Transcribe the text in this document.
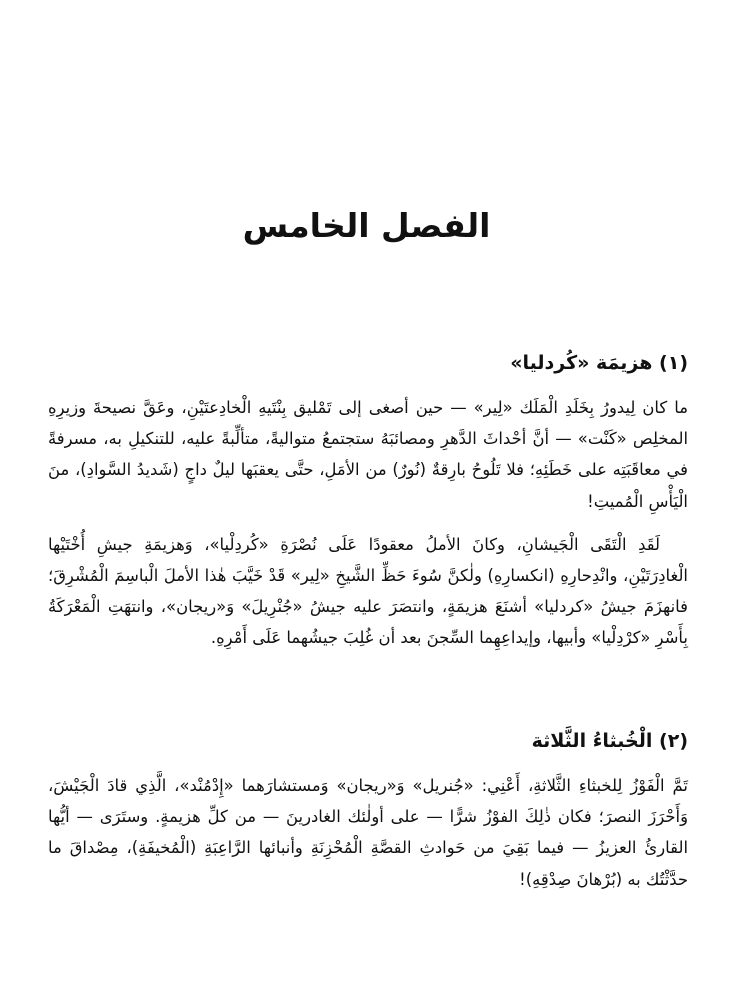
الفصل الخامس
(١) هزيمَة «كُردليا»

ما كان لِيدورُ بِخَلَدِ الْمَلَك «لِير» — حين أصغى إلى تَمْليق بِنْتَيهِ الْخادِعتَيْنِ، وعَقَّ نصيحةَ وزيرِهِ المخلِص «كَنْت» — أنَّ أحْداثَ الدَّهرِ ومصائبَهُ ستجتمعُ متواليةً، متألِّبةً عليه، للتنكيلِ به، مسرفةً في معاقَبَتِه على خَطَئِهِ؛ فلا تَلُوحُ بارِقةٌ (نُورٌ) من الأمَلِ، حتَّى يعقبَها ليلٌ داجٍ (شَديدُ السَّوادِ)، منَ الْيَأْسِ الْمُميتِ!

لَقَدِ الْتَقَى الْجَيشانِ، وكانَ الأملُ معقودًا عَلَى نُصْرَةِ «كُردِلْيا»، وَهزيمَةِ جيشِ أُخْتَيْها الْغادِرَتَيْنِ، وانْدِحارِهِ (انكسارِهِ) ولٰكنَّ سُوءَ حَظِّ الشَّيخِ «لِير» قَدْ خَيَّبَ هٰذا الأملَ الْباسِمَ الْمُشْرِقَ؛ فانهزَمَ جيشُ «كردليا» أشنَعَ هزيمَةٍ، وانتصَرَ عليه جيشُ «جُنْرِيلَ» وَ«ريجان»، وانتهَتِ الْمَعْرَكَةُ بِأَسْرِ «كرْدِلْيا» وأبيها، وإيداعِهِما السِّجنَ بعد أن غُلِبَ جيشُهما عَلَى أَمْرِهِ.

(٢) الْخُبثاءُ الثَّلاثة

تَمَّ الْفَوْزُ لِلخبثاءِ الثَّلاثةِ، أَعْنِي: «جُنريل» وَ«ريجان» وَمستشارَهما «إِدْمُنْد»، الَّذِي قادَ الْجَيْشَ، وَأَحْرَزَ النصرَ؛ فكان ذٰلِكَ الفوْزُ شرًّا — على أولٰئك الغادرينَ — من كلِّ هزيمةٍ. وستَرَى — أيُّها القارئُ العزيزُ — فيما بَقِيَ من حَوادثِ القصَّةِ الْمُحْزِنَةِ وأنبائها الرَّاعِبَةِ (الْمُخيفَةِ)، مِصْداقَ ما حدَّثْتُك به (بُرْهانَ صِدْقِهِ)!
